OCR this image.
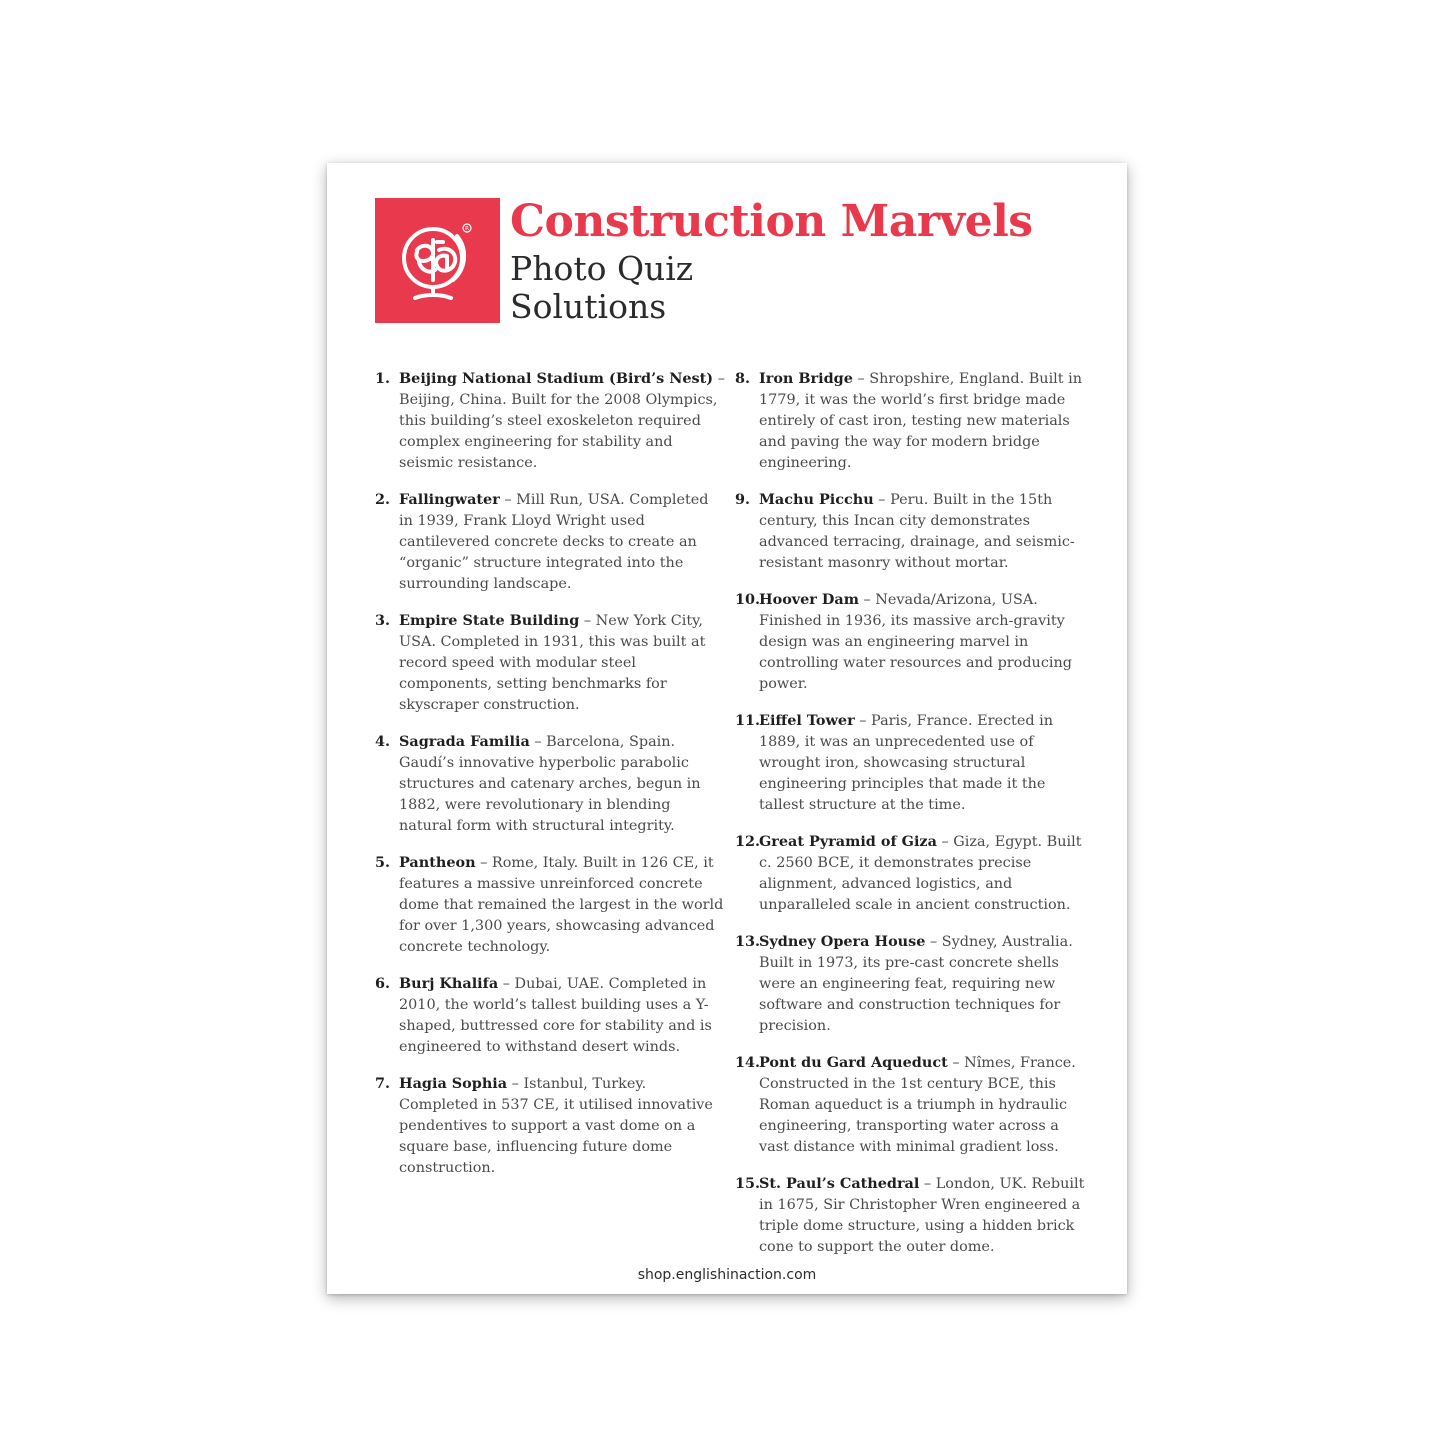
R Construction Marvels
Photo Quiz Solutions
1. Beijing National Stadium (Bird’s Nest) – Beijing, China. Built for the 2008 Olympics, this building’s steel exoskeleton required complex engineering for stability and seismic resistance.
2. Fallingwater – Mill Run, USA. Completed in 1939, Frank Lloyd Wright used cantilevered concrete decks to create an “organic” structure integrated into the surrounding landscape.
3. Empire State Building – New York City, USA. Completed in 1931, this was built at record speed with modular steel components, setting benchmarks for skyscraper construction.
4. Sagrada Familia – Barcelona, Spain. Gaudí’s innovative hyperbolic parabolic structures and catenary arches, begun in 1882, were revolutionary in blending natural form with structural integrity.
5. Pantheon – Rome, Italy. Built in 126 CE, it features a massive unreinforced concrete dome that remained the largest in the world for over 1,300 years, showcasing advanced concrete technology.
6. Burj Khalifa – Dubai, UAE. Completed in 2010, the world’s tallest building uses a Y-shaped, buttressed core for stability and is engineered to withstand desert winds.
7. Hagia Sophia – Istanbul, Turkey. Completed in 537 CE, it utilised innovative pendentives to support a vast dome on a square base, influencing future dome construction.
8. Iron Bridge – Shropshire, England. Built in 1779, it was the world’s first bridge made entirely of cast iron, testing new materials and paving the way for modern bridge engineering.
9. Machu Picchu – Peru. Built in the 15th century, this Incan city demonstrates advanced terracing, drainage, and seismic-resistant masonry without mortar.
10.
Hoover Dam – Nevada/Arizona, USA. Finished in 1936, its massive arch-gravity design was an engineering marvel in controlling water resources and producing power.
11.
Eiffel Tower – Paris, France. Erected in 1889, it was an unprecedented use of wrought iron, showcasing structural engineering principles that made it the tallest structure at the time.
12.
Great Pyramid of Giza – Giza, Egypt. Built c. 2560 BCE, it demonstrates precise alignment, advanced logistics, and unparalleled scale in ancient construction.
13.
Sydney Opera House – Sydney, Australia. Built in 1973, its pre-cast concrete shells were an engineering feat, requiring new software and construction techniques for precision.
14.
Pont du Gard Aqueduct – Nîmes, France. Constructed in the 1st century BCE, this Roman aqueduct is a triumph in hydraulic engineering, transporting water across a vast distance with minimal gradient loss.
15.
St. Paul’s Cathedral – London, UK. Rebuilt in 1675, Sir Christopher Wren engineered a triple dome structure, using a hidden brick cone to support the outer dome.
shop.englishinaction.com
